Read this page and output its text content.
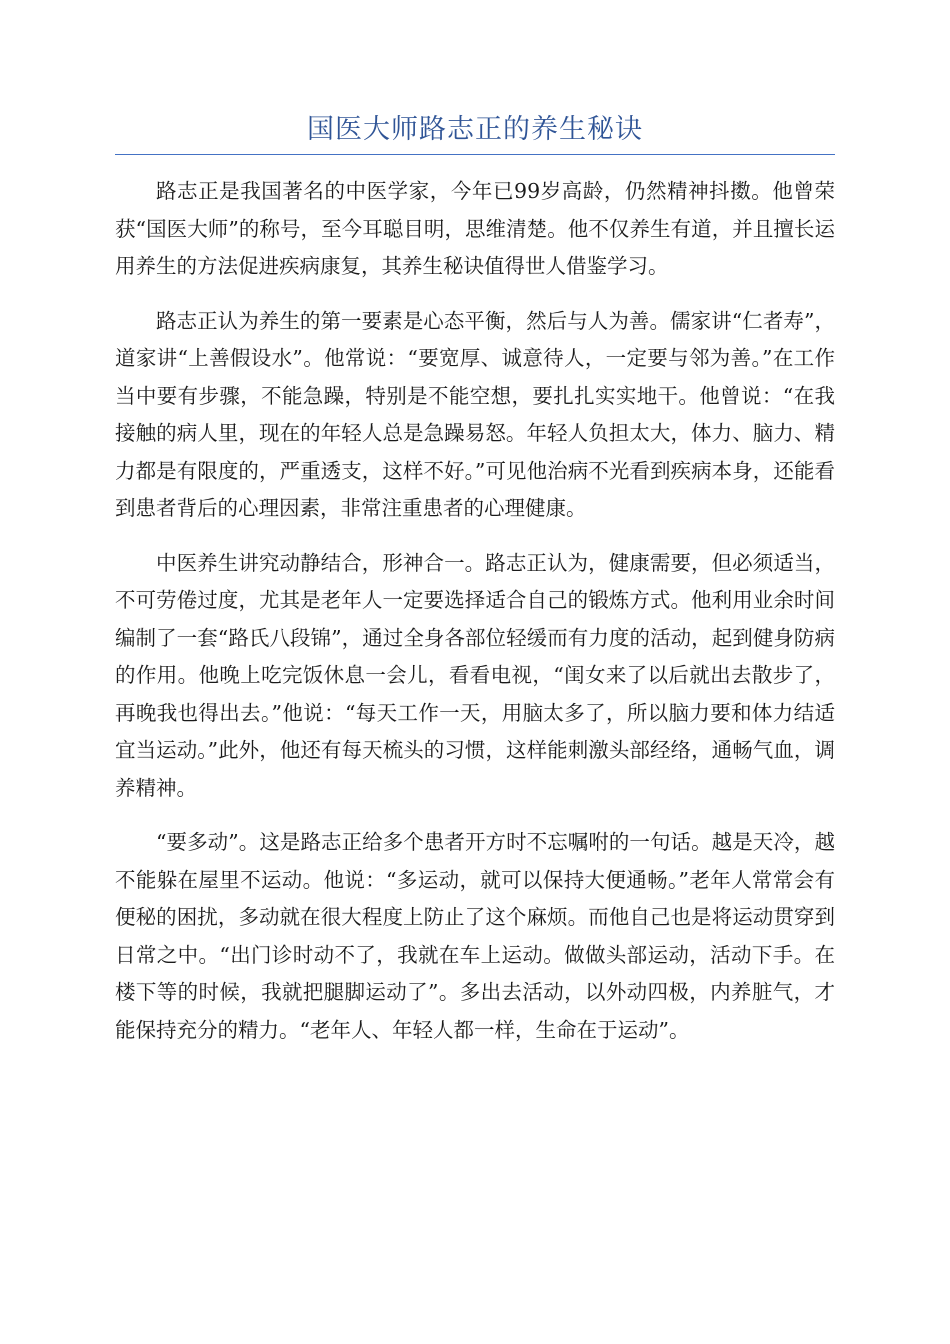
国医大师路志正的养生秘诀

路志正是我国著名的中医学家，今年已99岁高龄，仍然精神抖擞。他曾荣获“国医大师”的称号，至今耳聪目明，思维清楚。他不仅养生有道，并且擅长运用养生的方法促进疾病康复，其养生秘诀值得世人借鉴学习。

路志正认为养生的第一要素是心态平衡，然后与人为善。儒家讲“仁者寿”，道家讲“上善假设水”。他常说：“要宽厚、诚意待人，一定要与邻为善。”在工作当中要有步骤，不能急躁，特别是不能空想，要扎扎实实地干。他曾说：“在我接触的病人里，现在的年轻人总是急躁易怒。年轻人负担太大，体力、脑力、精力都是有限度的，严重透支，这样不好。”可见他治病不光看到疾病本身，还能看到患者背后的心理因素，非常注重患者的心理健康。

中医养生讲究动静结合，形神合一。路志正认为，健康需要，但必须适当，不可劳倦过度，尤其是老年人一定要选择适合自己的锻炼方式。他利用业余时间编制了一套“路氏八段锦”，通过全身各部位轻缓而有力度的活动，起到健身防病的作用。他晚上吃完饭休息一会儿，看看电视，“闺女来了以后就出去散步了，再晚我也得出去。”他说：“每天工作一天，用脑太多了，所以脑力要和体力结适宜当运动。”此外，他还有每天梳头的习惯，这样能刺激头部经络，通畅气血，调养精神。

“要多动”。这是路志正给多个患者开方时不忘嘱咐的一句话。越是天冷，越不能躲在屋里不运动。他说：“多运动，就可以保持大便通畅。”老年人常常会有便秘的困扰，多动就在很大程度上防止了这个麻烦。而他自己也是将运动贯穿到日常之中。“出门诊时动不了，我就在车上运动。做做头部运动，活动下手。在楼下等的时候，我就把腿脚运动了”。多出去活动，以外动四极，内养脏气，才能保持充分的精力。“老年人、年轻人都一样，生命在于运动”。
